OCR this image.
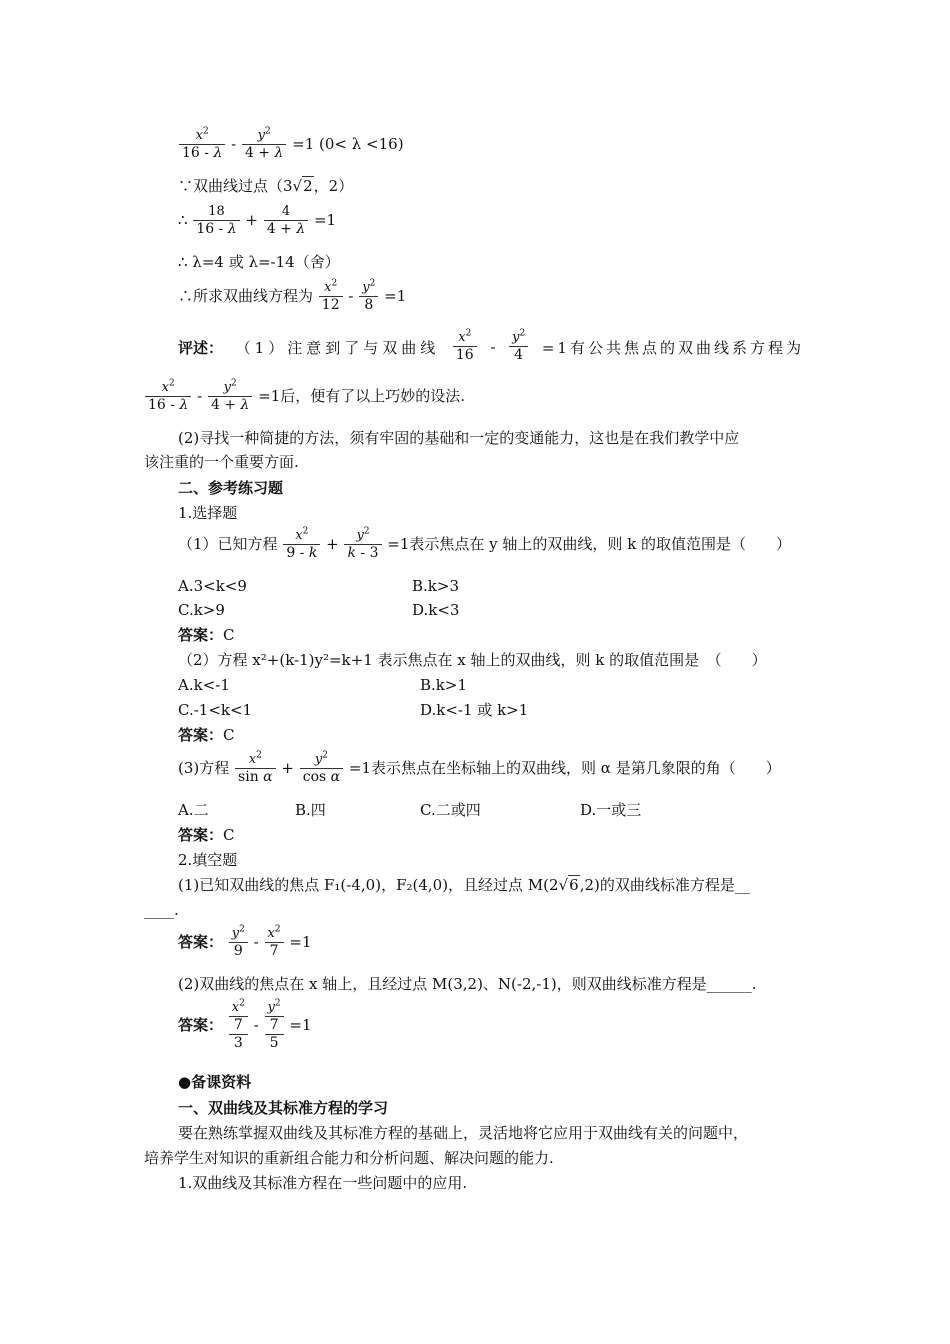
$\frac{x^2}{16 - \lambda} - \frac{y^2}{4 + \lambda} =1$ (0< λ <16)
∵双曲线过点（3√2，2）
∴ $\frac{18}{16 - \lambda} + \frac{4}{4 + \lambda} =1$
∴ λ=4 或 λ=-14（舍）
∴所求双曲线方程为 $\frac{x^2}{12} - \frac{y^2}{8} =1$
评述： （1）注意到了与双曲线 $\frac{x^2}{16} - \frac{y^2}{4} =1$有公共焦点的双曲线系方程为
$\frac{x^2}{16 - \lambda} - \frac{y^2}{4 + \lambda} =1$后，便有了以上巧妙的设法.
(2)寻找一种简捷的方法，须有牢固的基础和一定的变通能力，这也是在我们教学中应
该注重的一个重要方面.
二、参考练习题
1.选择题
（1）已知方程 $\frac{x^2}{9 - k} + \frac{y^2}{k - 3} =1$表示焦点在 y 轴上的双曲线，则 k 的取值范围是（　　）
A.3<k<9	B.k>3
C.k>9	D.k<3
答案：C
（2）方程 x²+(k-1)y²=k+1 表示焦点在 x 轴上的双曲线，则 k 的取值范围是　（　　）
A.k<-1	B.k>1
C.-1<k<1	D.k<-1 或 k>1
答案：C
(3)方程 $\frac{x^2}{\text{sin α}} + \frac{y^2}{\text{cos α}} =1$表示焦点在坐标轴上的双曲线，则 α 是第几象限的角（　　）
A.二	B.四	C.二或四	D.一或三
答案：C
2.填空题
(1)已知双曲线的焦点 F₁(-4,0)，F₂(4,0)，且经过点 M(2√6,2)的双曲线标准方程是__
____.
答案： $\frac{y^2}{9} - \frac{x^2}{7} =1$
(2)双曲线的焦点在 x 轴上，且经过点 M(3,2)、N(-2,-1)，则双曲线标准方程是______.
答案：
$x^2$
7
3
-
$y^2$
7
5
=1
●备课资料
一、双曲线及其标准方程的学习
要在熟练掌握双曲线及其标准方程的基础上，灵活地将它应用于双曲线有关的问题中，
培养学生对知识的重新组合能力和分析问题、解决问题的能力.
1.双曲线及其标准方程在一些问题中的应用.
